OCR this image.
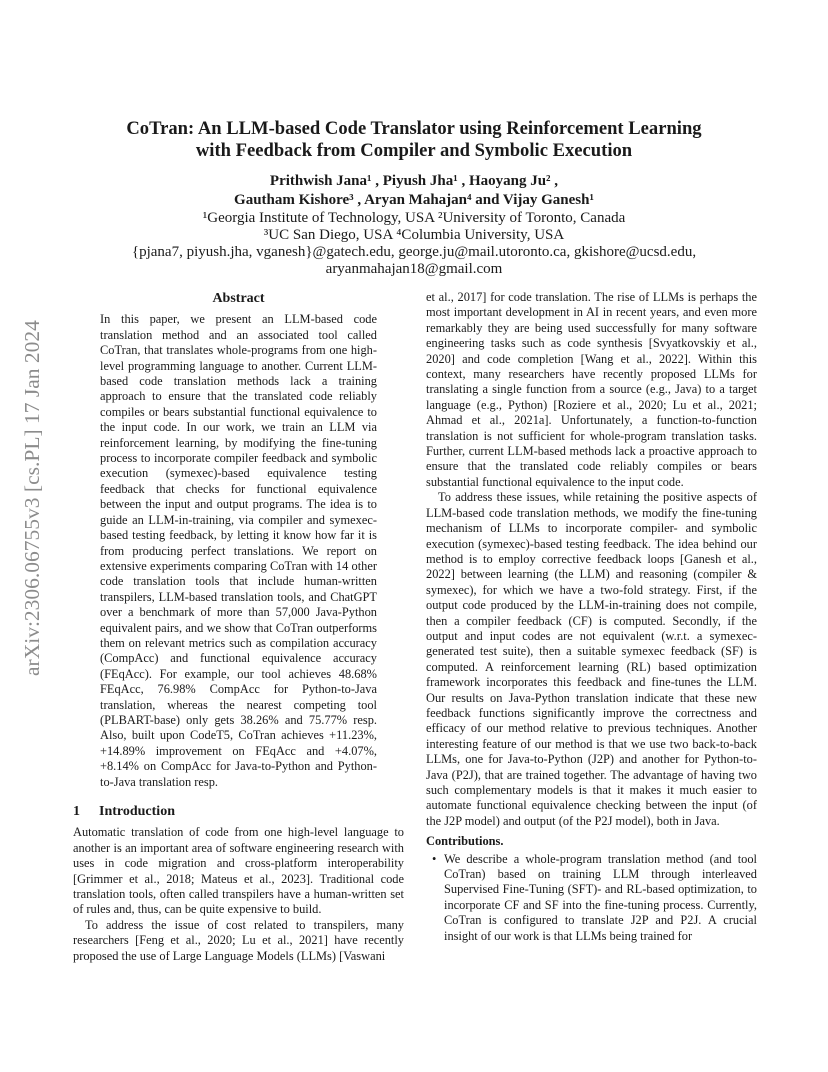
arXiv:2306.06755v3 [cs.PL] 17 Jan 2024
CoTran: An LLM-based Code Translator using Reinforcement Learning
with Feedback from Compiler and Symbolic Execution
Prithwish Jana¹ , Piyush Jha¹ , Haoyang Ju² ,
Gautham Kishore³ , Aryan Mahajan⁴ and Vijay Ganesh¹
¹Georgia Institute of Technology, USA ²University of Toronto, Canada
³UC San Diego, USA ⁴Columbia University, USA
{pjana7, piyush.jha, vganesh}@gatech.edu, george.ju@mail.utoronto.ca, gkishore@ucsd.edu,
aryanmahajan18@gmail.com
Abstract
In this paper, we present an LLM-based code translation method and an associated tool called CoTran, that translates whole-programs from one high-level programming language to another. Current LLM-based code translation methods lack a training approach to ensure that the translated code reliably compiles or bears substantial functional equivalence to the input code. In our work, we train an LLM via reinforcement learning, by modifying the fine-tuning process to incorporate compiler feedback and symbolic execution (symexec)-based equivalence testing feedback that checks for functional equivalence between the input and output programs. The idea is to guide an LLM-in-training, via compiler and symexec-based testing feedback, by letting it know how far it is from producing perfect translations. We report on extensive experiments comparing CoTran with 14 other code translation tools that include human-written transpilers, LLM-based translation tools, and ChatGPT over a benchmark of more than 57,000 Java-Python equivalent pairs, and we show that CoTran outperforms them on relevant metrics such as compilation accuracy (CompAcc) and functional equivalence accuracy (FEqAcc). For example, our tool achieves 48.68% FEqAcc, 76.98% CompAcc for Python-to-Java translation, whereas the nearest competing tool (PLBART-base) only gets 38.26% and 75.77% resp. Also, built upon CodeT5, CoTran achieves +11.23%, +14.89% improvement on FEqAcc and +4.07%, +8.14% on CompAcc for Java-to-Python and Python-to-Java translation resp.
1 Introduction
Automatic translation of code from one high-level language to another is an important area of software engineering research with uses in code migration and cross-platform interoperability [Grimmer et al., 2018; Mateus et al., 2023]. Traditional code translation tools, often called transpilers have a human-written set of rules and, thus, can be quite expensive to build.
To address the issue of cost related to transpilers, many researchers [Feng et al., 2020; Lu et al., 2021] have recently proposed the use of Large Language Models (LLMs) [Vaswani
et al., 2017] for code translation. The rise of LLMs is perhaps the most important development in AI in recent years, and even more remarkably they are being used successfully for many software engineering tasks such as code synthesis [Svyatkovskiy et al., 2020] and code completion [Wang et al., 2022]. Within this context, many researchers have recently proposed LLMs for translating a single function from a source (e.g., Java) to a target language (e.g., Python) [Roziere et al., 2020; Lu et al., 2021; Ahmad et al., 2021a]. Unfortunately, a function-to-function translation is not sufficient for whole-program translation tasks. Further, current LLM-based methods lack a proactive approach to ensure that the translated code reliably compiles or bears substantial functional equivalence to the input code.
To address these issues, while retaining the positive aspects of LLM-based code translation methods, we modify the fine-tuning mechanism of LLMs to incorporate compiler- and symbolic execution (symexec)-based testing feedback. The idea behind our method is to employ corrective feedback loops [Ganesh et al., 2022] between learning (the LLM) and reasoning (compiler & symexec), for which we have a two-fold strategy. First, if the output code produced by the LLM-in-training does not compile, then a compiler feedback (CF) is computed. Secondly, if the output and input codes are not equivalent (w.r.t. a symexec-generated test suite), then a suitable symexec feedback (SF) is computed. A reinforcement learning (RL) based optimization framework incorporates this feedback and fine-tunes the LLM. Our results on Java-Python translation indicate that these new feedback functions significantly improve the correctness and efficacy of our method relative to previous techniques. Another interesting feature of our method is that we use two back-to-back LLMs, one for Java-to-Python (J2P) and another for Python-to-Java (P2J), that are trained together. The advantage of having two such complementary models is that it makes it much easier to automate functional equivalence checking between the input (of the J2P model) and output (of the P2J model), both in Java.
Contributions.
• We describe a whole-program translation method (and tool CoTran) based on training LLM through interleaved Supervised Fine-Tuning (SFT)- and RL-based optimization, to incorporate CF and SF into the fine-tuning process. Currently, CoTran is configured to translate J2P and P2J. A crucial insight of our work is that LLMs being trained for
